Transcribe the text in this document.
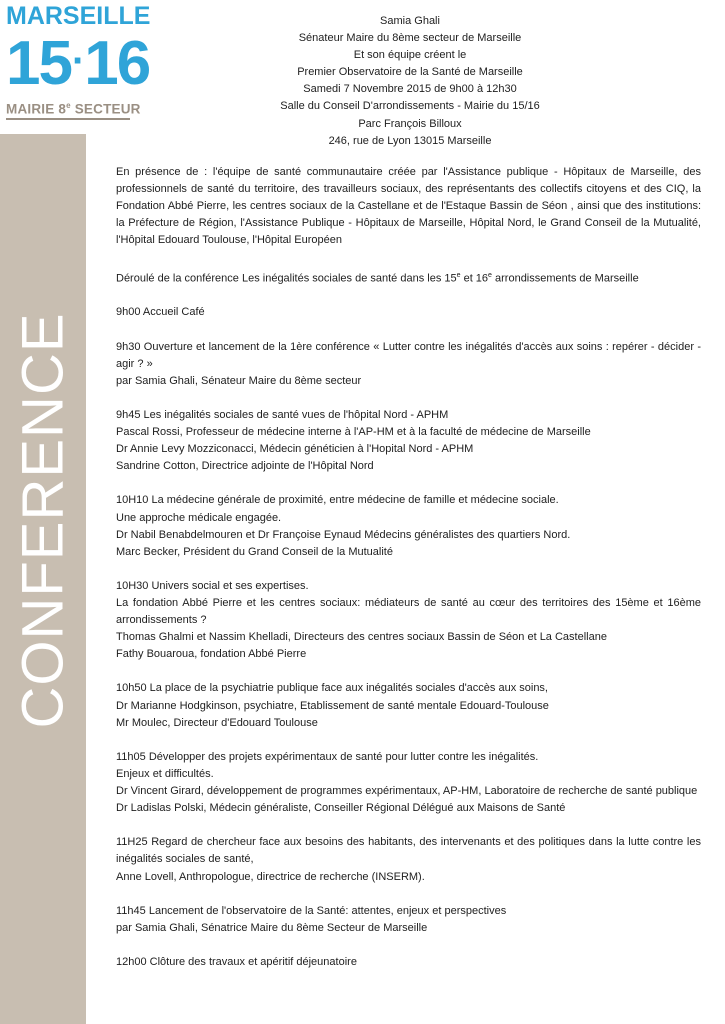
MARSEILLE
15·16
MAIRIE 8e SECTEUR
CONFERENCE
Samia Ghali
Sénateur Maire du 8ème secteur de Marseille
Et son équipe créent le
Premier Observatoire de la Santé de Marseille
Samedi 7 Novembre 2015 de 9h00 à 12h30
Salle du Conseil D'arrondissements - Mairie du 15/16
Parc François Billoux
246, rue de Lyon 13015 Marseille

En présence de : l'équipe de santé communautaire créée par l'Assistance publique - Hôpitaux de Marseille, des professionnels de santé du territoire, des travailleurs sociaux, des représentants des collectifs citoyens et des CIQ, la Fondation Abbé Pierre, les centres sociaux de la Castellane et de l'Estaque Bassin de Séon , ainsi que des institutions: la Préfecture de Région, l'Assistance Publique - Hôpitaux de Marseille, Hôpital Nord, le Grand Conseil de la Mutualité, l'Hôpital Edouard Toulouse, l'Hôpital Européen

Déroulé de la conférence Les inégalités sociales de santé dans les 15e et 16e arrondissements de Marseille

9h00 Accueil Café

9h30 Ouverture et lancement de la 1ère conférence « Lutter contre les inégalités d'accès aux soins : repérer - décider - agir ? »
par Samia Ghali, Sénateur Maire du 8ème secteur

9h45 Les inégalités sociales de santé vues de l'hôpital Nord - APHM
Pascal Rossi, Professeur de médecine interne à l'AP-HM et à la faculté de médecine de Marseille
Dr Annie Levy Mozziconacci, Médecin généticien à l'Hopital Nord - APHM
Sandrine Cotton, Directrice adjointe de l'Hôpital Nord

10H10 La médecine générale de proximité, entre médecine de famille et médecine sociale.
Une approche médicale engagée.
Dr Nabil Benabdelmouren et Dr Françoise Eynaud Médecins généralistes des quartiers Nord.
Marc Becker, Président du Grand Conseil de la Mutualité

10H30 Univers social et ses expertises.
La fondation Abbé Pierre et les centres sociaux: médiateurs de santé au cœur des territoires des 15ème et 16ème arrondissements ?
Thomas Ghalmi et Nassim Khelladi, Directeurs des centres sociaux Bassin de Séon et La Castellane
Fathy Bouaroua, fondation Abbé Pierre

10h50 La place de la psychiatrie publique face aux inégalités sociales d'accès aux soins,
Dr Marianne Hodgkinson, psychiatre, Etablissement de santé mentale Edouard-Toulouse
Mr Moulec, Directeur d'Edouard Toulouse

11h05 Développer des projets expérimentaux de santé pour lutter contre les inégalités.
Enjeux et difficultés.
Dr Vincent Girard, développement de programmes expérimentaux, AP-HM, Laboratoire de recherche de santé publique
Dr Ladislas Polski, Médecin généraliste, Conseiller Régional Délégué aux Maisons de Santé

11H25 Regard de chercheur face aux besoins des habitants, des intervenants et des politiques dans la lutte contre les inégalités sociales de santé,
Anne Lovell, Anthropologue, directrice de recherche (INSERM).

11h45 Lancement de l'observatoire de la Santé: attentes, enjeux et perspectives
par Samia Ghali, Sénatrice Maire du 8ème Secteur de Marseille

12h00 Clôture des travaux et apéritif déjeunatoire
